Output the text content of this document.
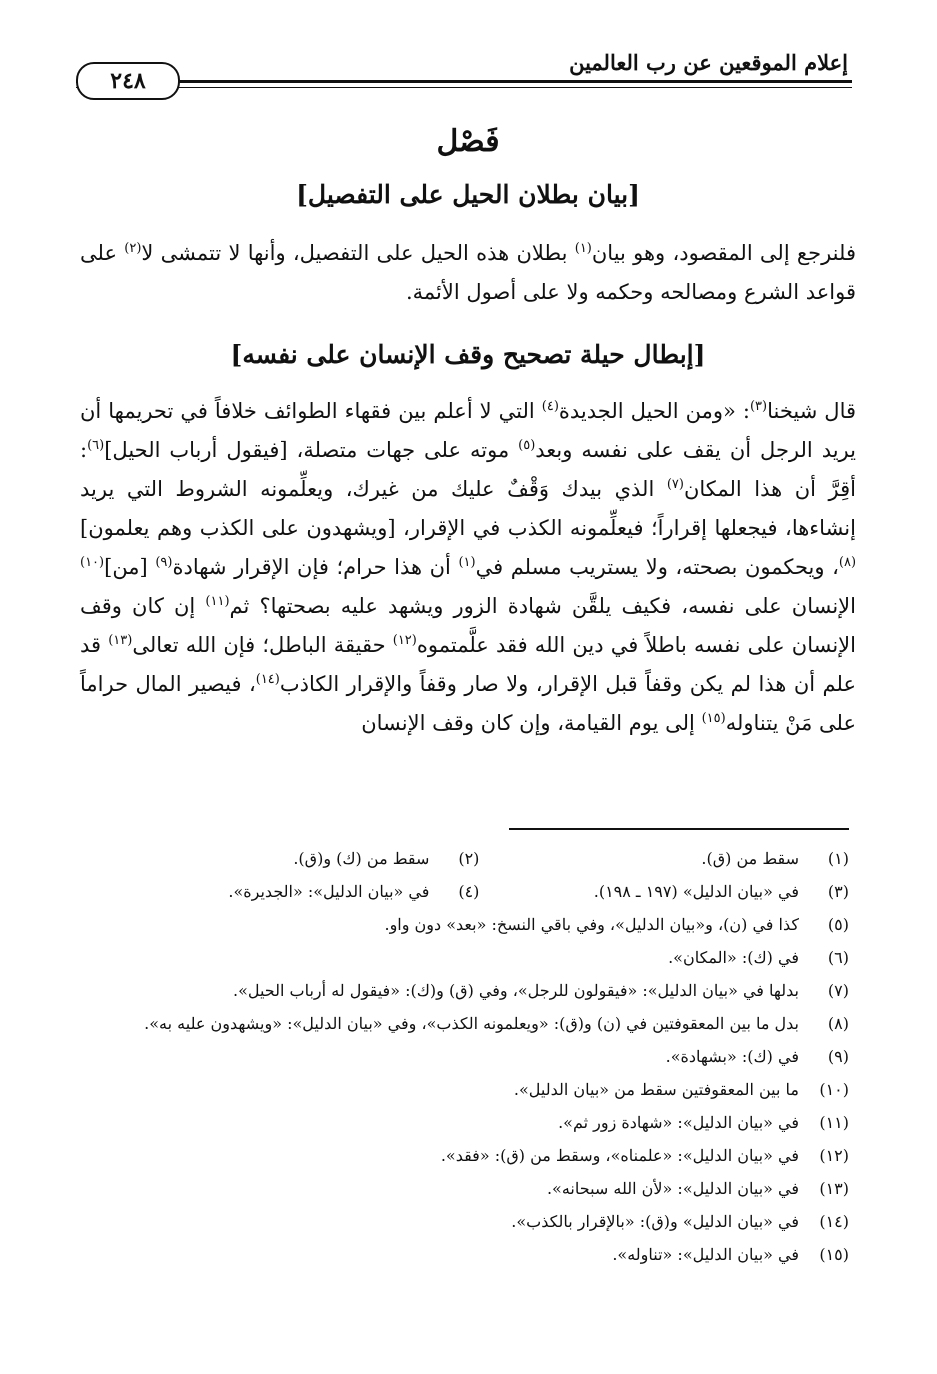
إعلام الموقعين عن رب العالمين
٢٤٨
فَصْل
[بيان بطلان الحيل على التفصيل]
فلنرجع إلى المقصود، وهو بيان$^{(١)}$ بطلان هذه الحيل على التفصيل، وأنها لا تتمشى لا$^{(٢)}$ على قواعد الشرع ومصالحه وحكمه ولا على أصول الأئمة.
[إبطال حيلة تصحيح وقف الإنسان على نفسه]
قال شيخنا$^{(٣)}$: «ومن الحيل الجديدة$^{(٤)}$ التي لا أعلم بين فقهاء الطوائف خلافاً في تحريمها أن يريد الرجل أن يقف على نفسه وبعد$^{(٥)}$ موته على جهات متصلة، [فيقول أرباب الحيل]$^{(٦)}$: أقِرَّ أن هذا المكان$^{(٧)}$ الذي بيدك وَقْفٌ عليك من غيرك، ويعلِّمونه الشروط التي يريد إنشاءها، فيجعلها إقراراً؛ فيعلِّمونه الكذب في الإقرار، [ويشهدون على الكذب وهم يعلمون]$^{(٨)}$، ويحكمون بصحته، ولا يستريب مسلم في$^{(١)}$ أن هذا حرام؛ فإن الإقرار شهادة$^{(٩)}$ [من]$^{(١٠)}$ الإنسان على نفسه، فكيف يلقَّن شهادة الزور ويشهد عليه بصحتها؟ ثم$^{(١١)}$ إن كان وقف الإنسان على نفسه باطلاً في دين الله فقد علَّمتموه$^{(١٢)}$ حقيقة الباطل؛ فإن الله تعالى$^{(١٣)}$ قد علم أن هذا لم يكن وقفاً قبل الإقرار، ولا صار وقفاً والإقرار الكاذب$^{(١٤)}$، فيصير المال حراماً على مَنْ يتناوله$^{(١٥)}$ إلى يوم القيامة، وإن كان وقف الإنسان
(١)
سقط من (ق).
(٢)
سقط من (ك) و(ق).
(٣)
في «بيان الدليل» (١٩٧ ـ ١٩٨).
(٤)
في «بيان الدليل»: «الجديرة».
(٥)
كذا في (ن)، و«بيان الدليل»، وفي باقي النسخ: «بعد» دون واو.
(٦)
في (ك): «المكان».
(٧)
بدلها في «بيان الدليل»: «فيقولون للرجل»، وفي (ق) و(ك): «فيقول له أرباب الحيل».
(٨)
بدل ما بين المعقوفتين في (ن) و(ق): «ويعلمونه الكذب»، وفي «بيان الدليل»: «ويشهدون عليه به».
(٩)
في (ك): «بشهادة».
(١٠)
ما بين المعقوفتين سقط من «بيان الدليل».
(١١)
في «بيان الدليل»: «شهادة زور ثم».
(١٢)
في «بيان الدليل»: «علمناه»، وسقط من (ق): «فقد».
(١٣)
في «بيان الدليل»: «لأن الله سبحانه».
(١٤)
في «بيان الدليل» و(ق): «بالإقرار بالكذب».
(١٥)
في «بيان الدليل»: «تناوله».
